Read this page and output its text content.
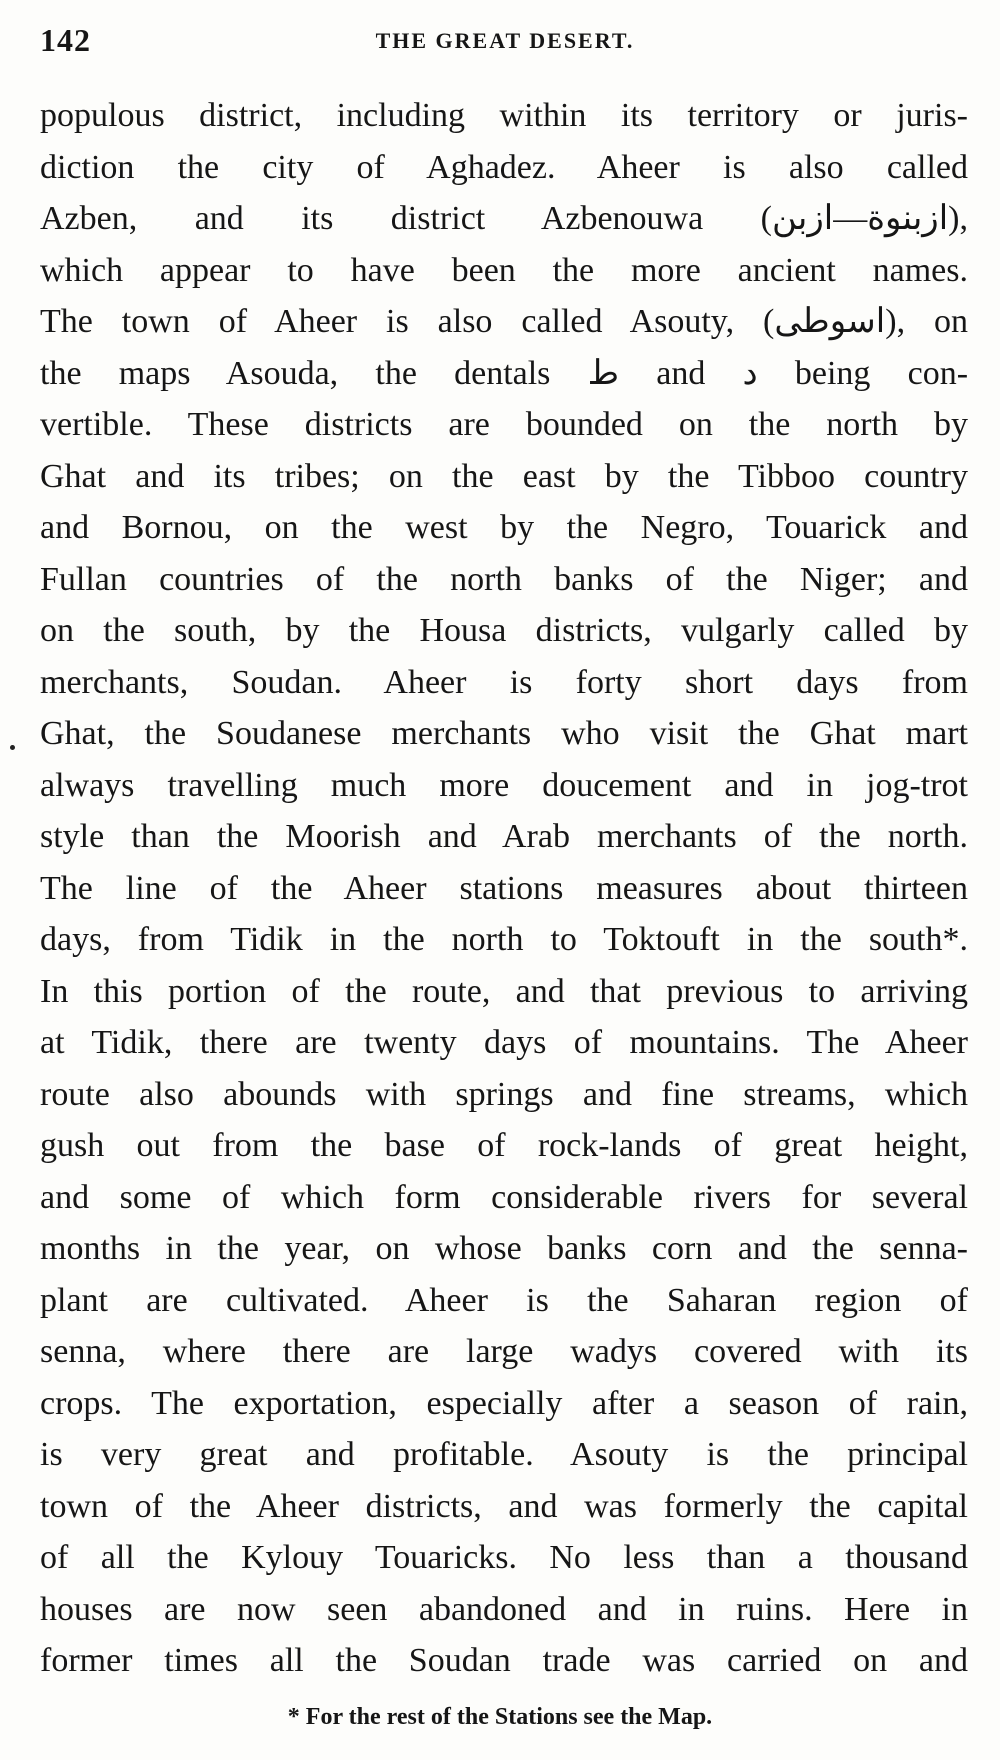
142	THE GREAT DESERT.
populous district, including within its territory or juris-
diction the city of Aghadez. Aheer is also called
Azben, and its district Azbenouwa (ازبنوة—ازبن),
which appear to have been the more ancient names.
The town of Aheer is also called Asouty, (اسوطى), on
the maps Asouda, the dentals ط and د being con-
vertible. These districts are bounded on the north by
Ghat and its tribes; on the east by the Tibboo country
and Bornou, on the west by the Negro, Touarick and
Fullan countries of the north banks of the Niger; and
on the south, by the Housa districts, vulgarly called by
merchants, Soudan. Aheer is forty short days from
Ghat, the Soudanese merchants who visit the Ghat mart
always travelling much more doucement and in jog-trot
style than the Moorish and Arab merchants of the north.
The line of the Aheer stations measures about thirteen
days, from Tidik in the north to Toktouft in the south*.
In this portion of the route, and that previous to arriving
at Tidik, there are twenty days of mountains. The Aheer
route also abounds with springs and fine streams, which
gush out from the base of rock-lands of great height,
and some of which form considerable rivers for several
months in the year, on whose banks corn and the senna-
plant are cultivated. Aheer is the Saharan region of
senna, where there are large wadys covered with its
crops. The exportation, especially after a season of rain,
is very great and profitable. Asouty is the principal
town of the Aheer districts, and was formerly the capital
of all the Kylouy Touaricks. No less than a thousand
houses are now seen abandoned and in ruins. Here in
former times all the Soudan trade was carried on and
* For the rest of the Stations see the Map.
